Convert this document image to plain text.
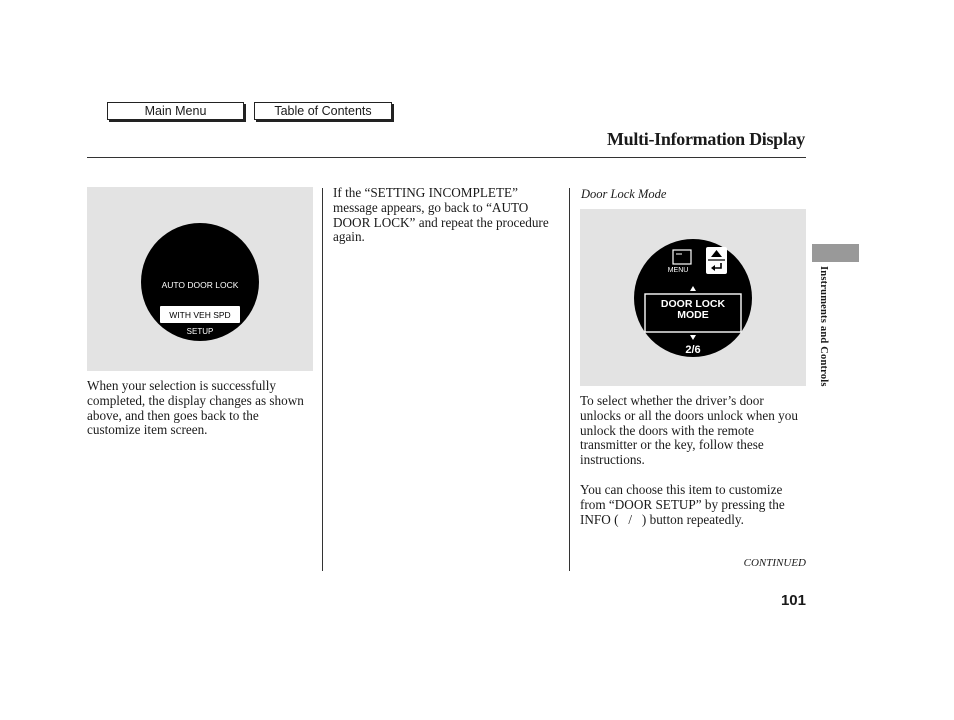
Main Menu	Table of Contents
Multi-Information Display
AUTO DOOR LOCK
WITH VEH SPD
SETUP
When your selection is successfully completed, the display changes as shown above, and then goes back to the customize item screen.
If the “SETTING INCOMPLETE” message appears, go back to “AUTO DOOR LOCK” and repeat the procedure again.
Door Lock Mode
MENU
DOOR LOCK
MODE
2/6
To select whether the driver’s door unlocks or all the doors unlock when you unlock the doors with the remote transmitter or the key, follow these instructions.
You can choose this item to customize from “DOOR SETUP” by pressing the INFO (   /   ) button repeatedly.
CONTINUED
101
Instruments and Controls
